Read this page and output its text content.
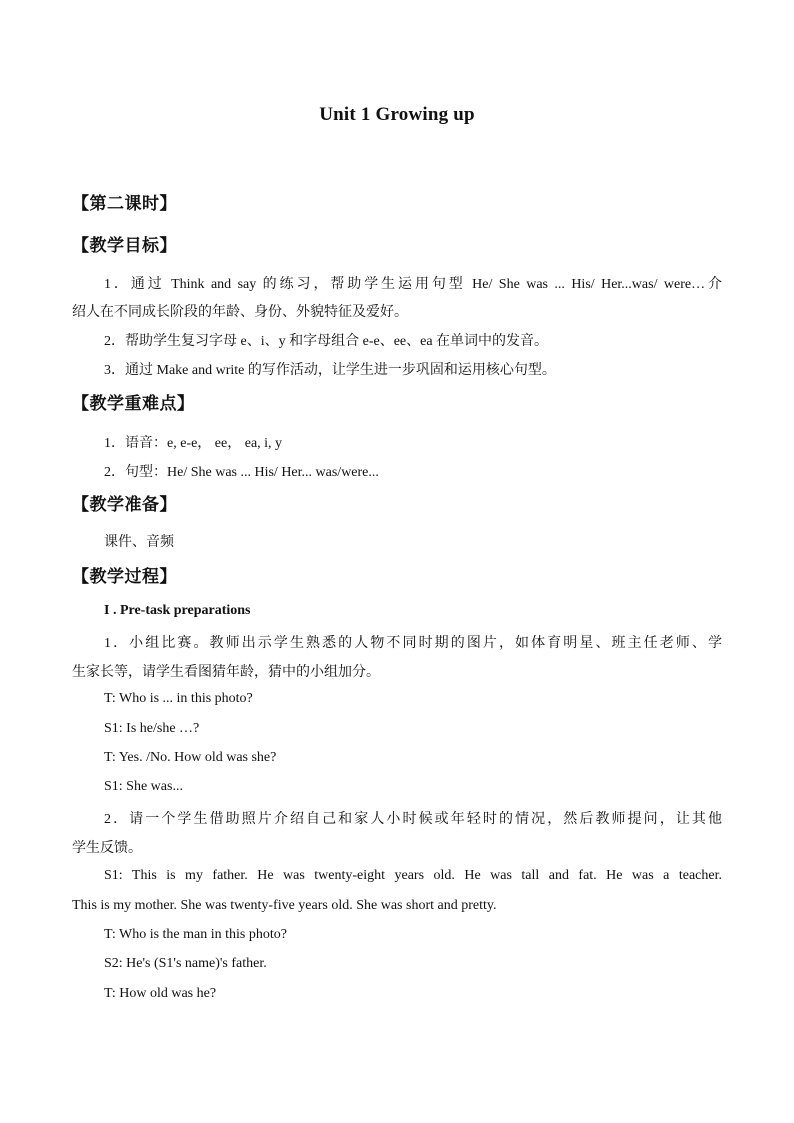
Unit 1 Growing up
【第二课时】
【教学目标】
1．通过 Think and say 的练习，帮助学生运用句型 He/ She was ... His/ Her...was/ were…介
绍人在不同成长阶段的年龄、身份、外貌特征及爱好。
2．帮助学生复习字母 e、i、y 和字母组合 e-e、ee、ea 在单词中的发音。
3．通过 Make and write 的写作活动，让学生进一步巩固和运用核心句型。
【教学重难点】
1．语音：e, e-e， ee， ea, i, y
2．句型：He/ She was ... His/ Her... was/were...
【教学准备】
课件、音频
【教学过程】
I . Pre-task preparations
1．小组比赛。教师出示学生熟悉的人物不同时期的图片，如体育明星、班主任老师、学
生家长等，请学生看图猜年龄，猜中的小组加分。
T: Who is ... in this photo?
S1: Is he/she …?
T: Yes. /No. How old was she?
S1: She was...
2．请一个学生借助照片介绍自己和家人小时候或年轻时的情况，然后教师提问，让其他
学生反馈。
S1: This is my father. He was twenty-eight years old. He was tall and fat. He was a teacher.
This is my mother. She was twenty-five years old. She was short and pretty.
T: Who is the man in this photo?
S2: He's (S1's name)'s father.
T: How old was he?
